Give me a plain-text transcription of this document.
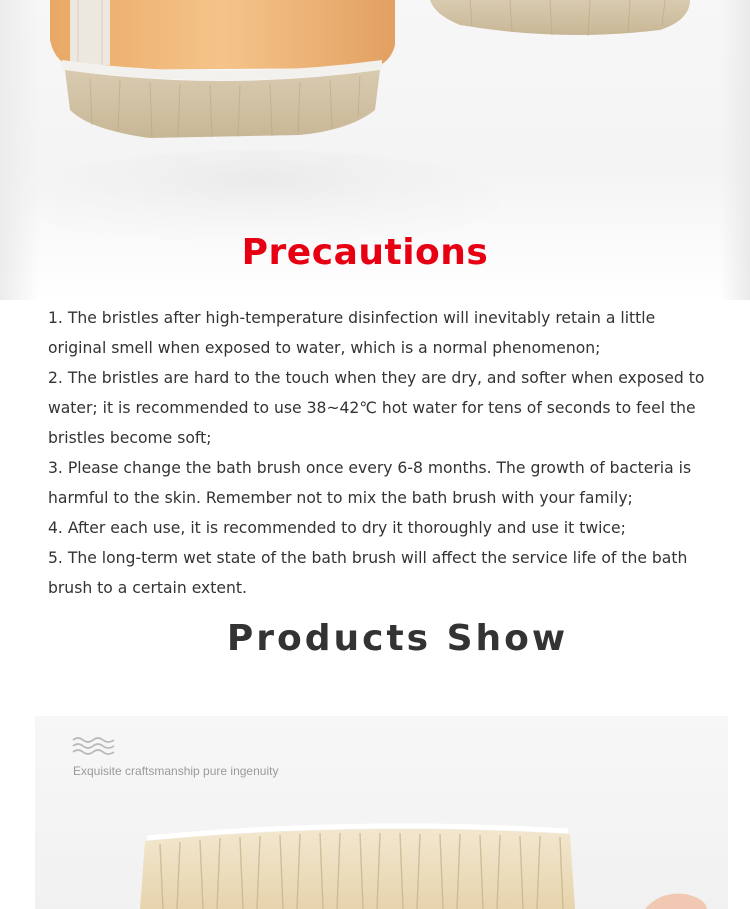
Precautions
1. The bristles after high-temperature disinfection will inevitably retain a little original smell when exposed to water, which is a normal phenomenon;
2. The bristles are hard to the touch when they are dry, and softer when exposed to water; it is recommended to use 38~42℃ hot water for tens of seconds to feel the bristles become soft;
3. Please change the bath brush once every 6-8 months. The growth of bacteria is harmful to the skin. Remember not to mix the bath brush with your family;
4. After each use, it is recommended to dry it thoroughly and use it twice;
5. The long-term wet state of the bath brush will affect the service life of the bath brush to a certain extent.
Products Show
Exquisite craftsmanship pure ingenuity
